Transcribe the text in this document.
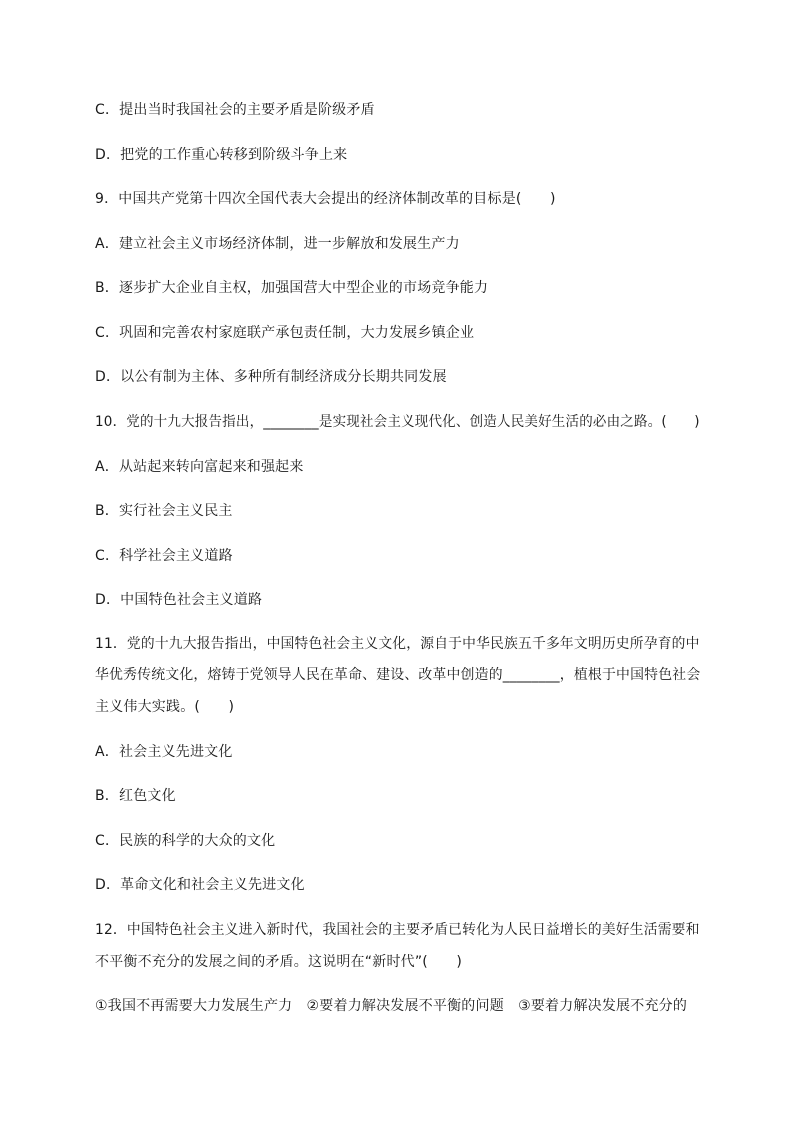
C．提出当时我国社会的主要矛盾是阶级矛盾
D．把党的工作重心转移到阶级斗争上来
9．中国共产党第十四次全国代表大会提出的经济体制改革的目标是(　　)
A．建立社会主义市场经济体制，进一步解放和发展生产力
B．逐步扩大企业自主权，加强国营大中型企业的市场竞争能力
C．巩固和完善农村家庭联产承包责任制，大力发展乡镇企业
D．以公有制为主体、多种所有制经济成分长期共同发展
10．党的十九大报告指出，________是实现社会主义现代化、创造人民美好生活的必由之路。(　　)
A．从站起来转向富起来和强起来
B．实行社会主义民主
C．科学社会主义道路
D．中国特色社会主义道路
11．党的十九大报告指出，中国特色社会主义文化，源自于中华民族五千多年文明历史所孕育的中
华优秀传统文化，熔铸于党领导人民在革命、建设、改革中创造的________，植根于中国特色社会
主义伟大实践。(　　)
A．社会主义先进文化
B．红色文化
C．民族的科学的大众的文化
D．革命文化和社会主义先进文化
12．中国特色社会主义进入新时代，我国社会的主要矛盾已转化为人民日益增长的美好生活需要和
不平衡不充分的发展之间的矛盾。这说明在“新时代”(　　)
①我国不再需要大力发展生产力　②要着力解决发展不平衡的问题　③要着力解决发展不充分的
